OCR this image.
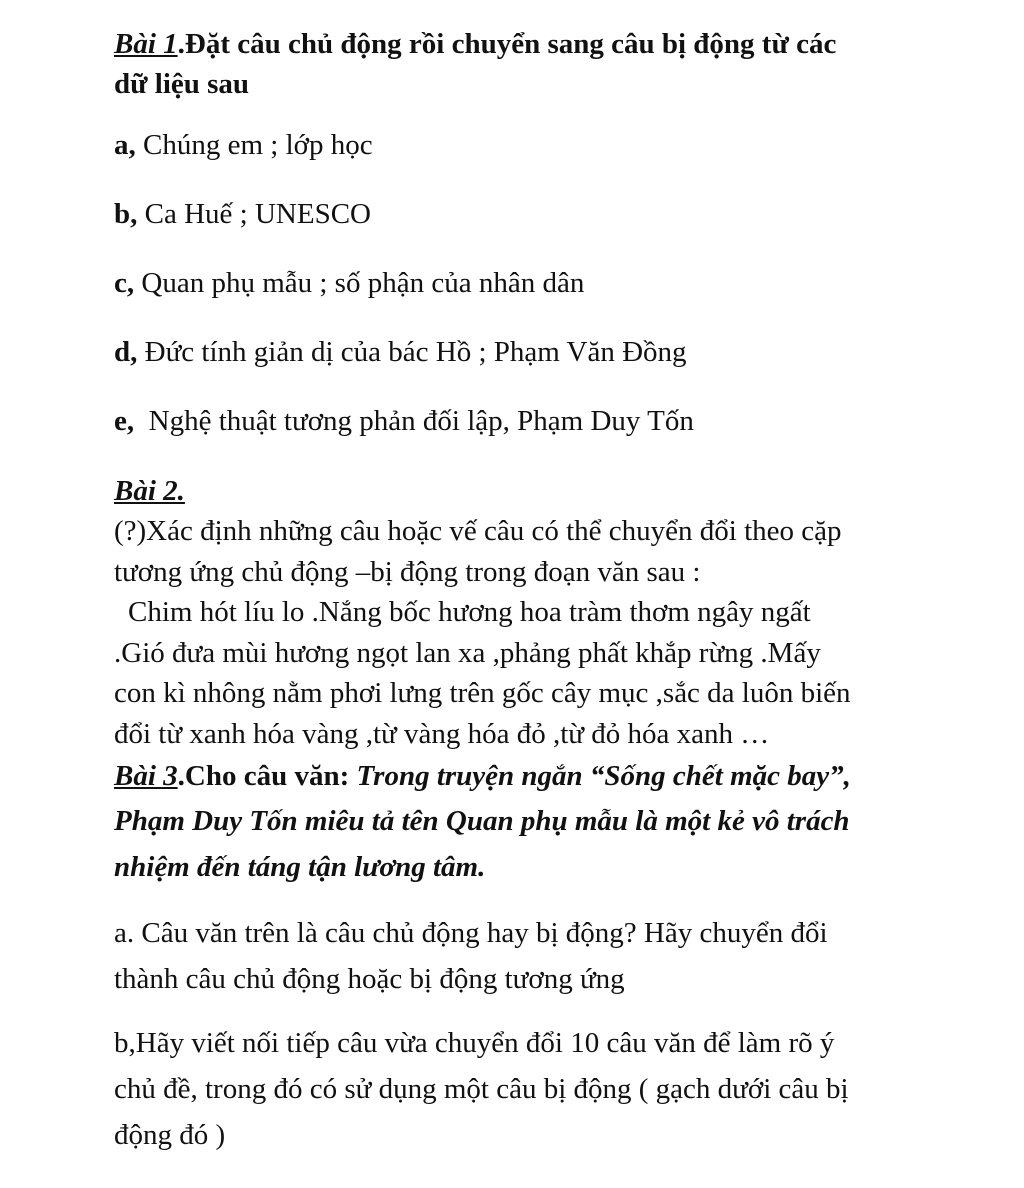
Bài 1.Đặt câu chủ động rồi chuyển sang câu bị động từ các
dữ liệu sau
a, Chúng em ; lớp học
b, Ca Huế ; UNESCO
c, Quan phụ mẫu ; số phận của nhân dân
d, Đức tính giản dị của bác Hồ ; Phạm Văn Đồng
e,  Nghệ thuật tương phản đối lập, Phạm Duy Tốn
Bài 2.
(?)Xác định những câu hoặc vế câu có thể chuyển đổi theo cặp
tương ứng chủ động –bị động trong đoạn văn sau :
Chim hót líu lo .Nắng bốc hương hoa tràm thơm ngây ngất
.Gió đưa mùi hương ngọt lan xa ,phảng phất khắp rừng .Mấy
con kì nhông nằm phơi lưng trên gốc cây mục ,sắc da luôn biến
đổi từ xanh hóa vàng ,từ vàng hóa đỏ ,từ đỏ hóa xanh …
Bài 3.Cho câu văn: Trong truyện ngắn “Sống chết mặc bay”,
Phạm Duy Tốn miêu tả tên Quan phụ mẫu là một kẻ vô trách
nhiệm đến táng tận lương tâm.
a. Câu văn trên là câu chủ động hay bị động? Hãy chuyển đổi
thành câu chủ động hoặc bị động tương ứng
b,Hãy viết nối tiếp câu vừa chuyển đổi 10 câu văn để làm rõ ý
chủ đề, trong đó có sử dụng một câu bị động ( gạch dưới câu bị
động đó )
